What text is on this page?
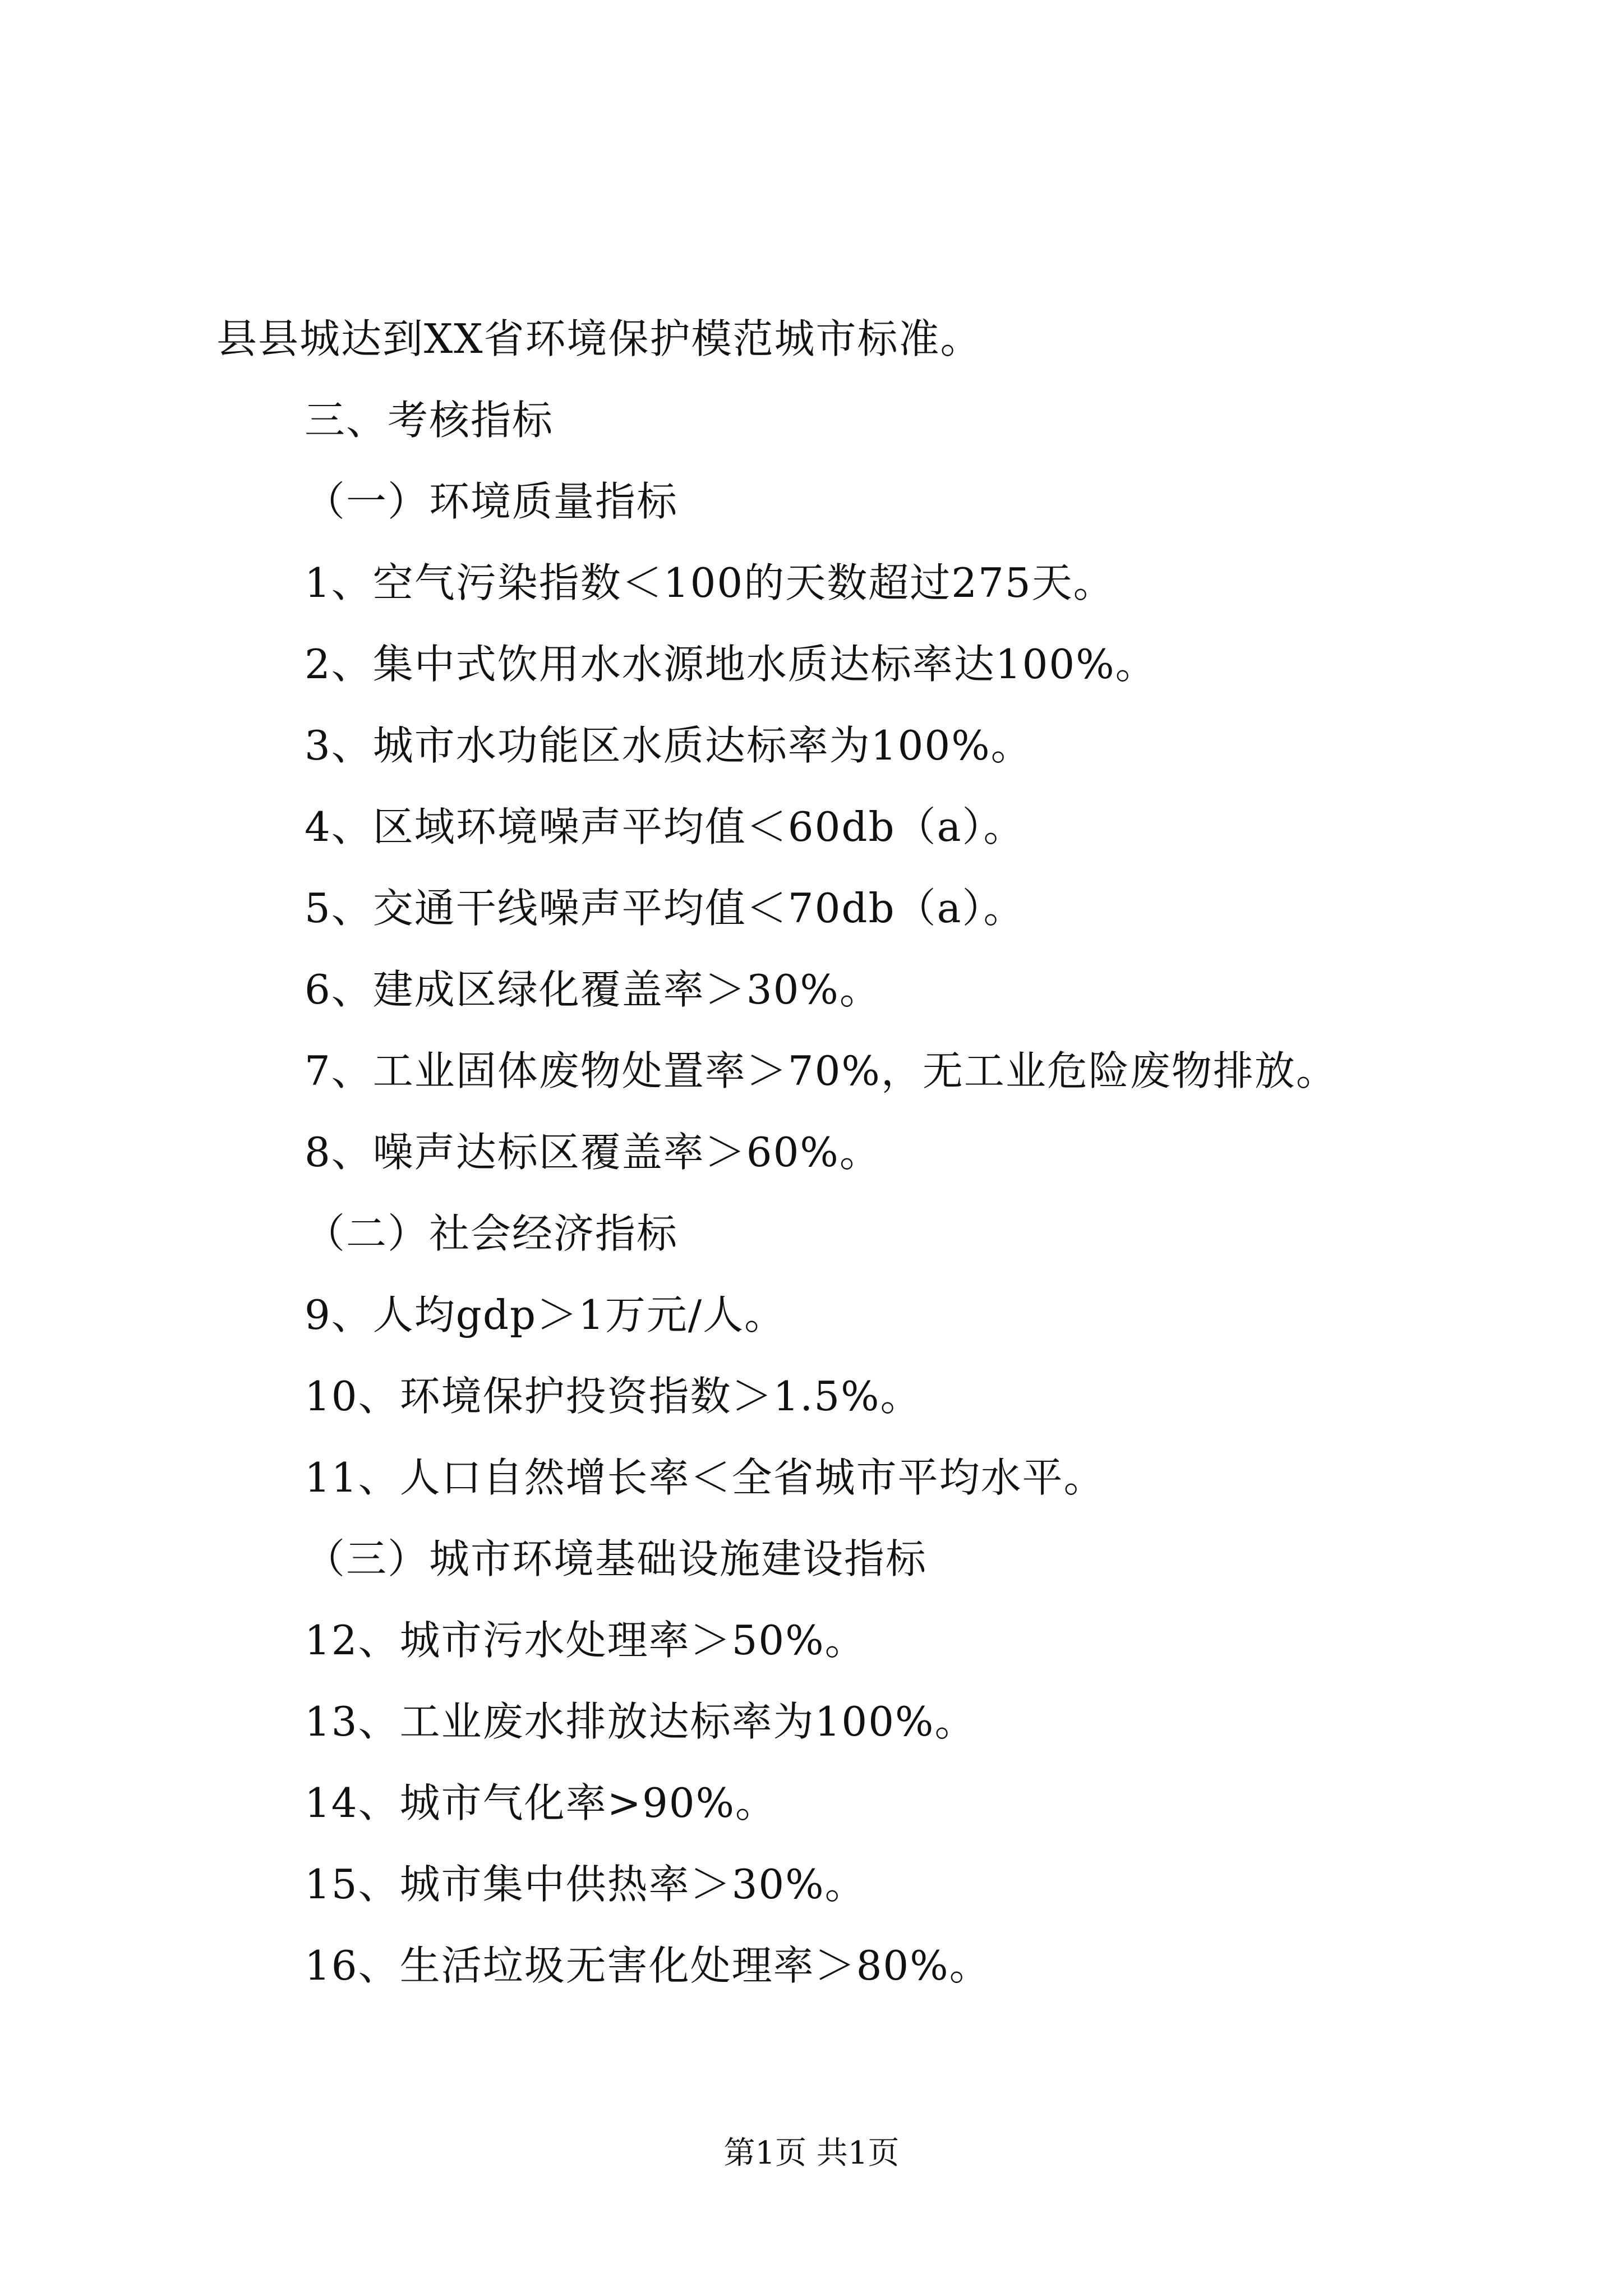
县县城达到XX省环境保护模范城市标准。

三、考核指标

（一）环境质量指标

1、空气污染指数＜100的天数超过275天。

2、集中式饮用水水源地水质达标率达100%。

3、城市水功能区水质达标率为100%。

4、区域环境噪声平均值＜60db（a）。

5、交通干线噪声平均值＜70db（a）。

6、建成区绿化覆盖率＞30%。

7、工业固体废物处置率＞70%，无工业危险废物排放。

8、噪声达标区覆盖率＞60%。

（二）社会经济指标

9、人均gdp＞1万元/人。

10、环境保护投资指数＞1.5%。

11、人口自然增长率＜全省城市平均水平。

（三）城市环境基础设施建设指标

12、城市污水处理率＞50%。

13、工业废水排放达标率为100%。

14、城市气化率>90%。

15、城市集中供热率＞30%。

16、生活垃圾无害化处理率＞80%。

第1页 共1页
